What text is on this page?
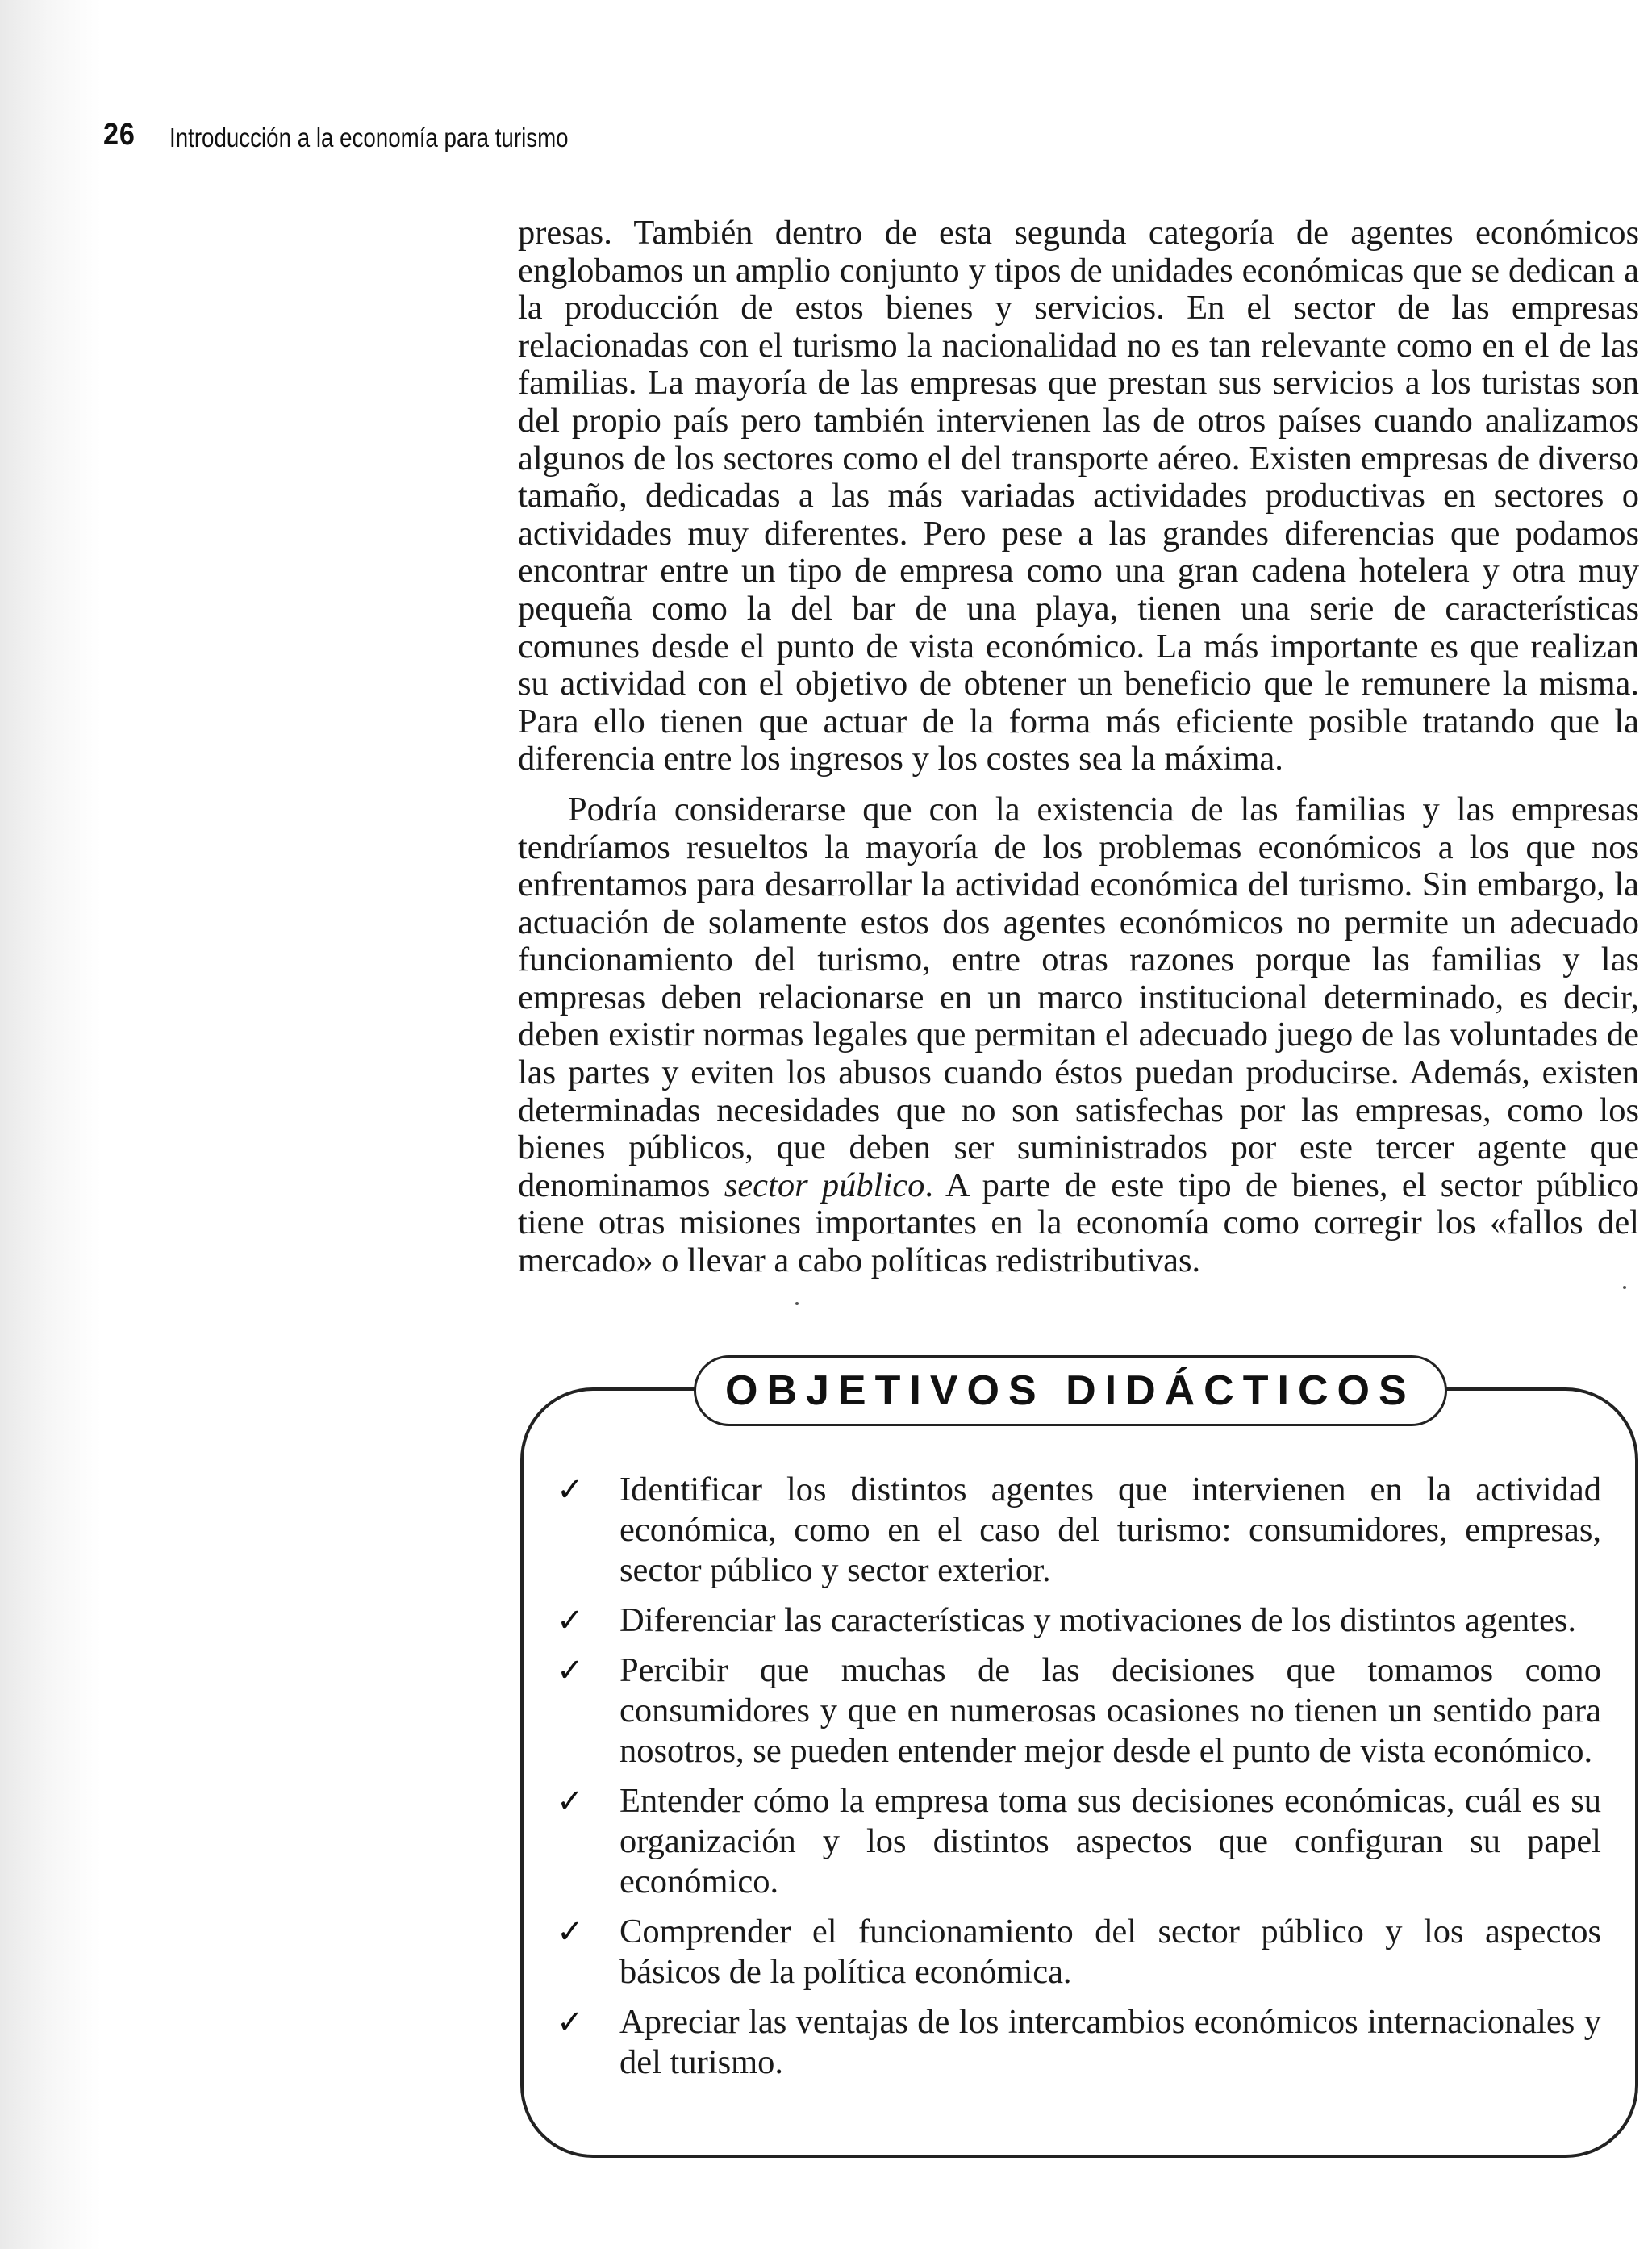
26 Introducción a la economía para turismo

presas. También dentro de esta segunda categoría de agentes económicos englobamos un amplio conjunto y tipos de unidades económicas que se dedican a la producción de estos bienes y servicios. En el sector de las empresas relacionadas con el turismo la nacionalidad no es tan relevante como en el de las familias. La mayoría de las empresas que prestan sus servicios a los turistas son del propio país pero también intervienen las de otros países cuando analizamos algunos de los sectores como el del transporte aéreo. Existen empresas de diverso tamaño, dedicadas a las más variadas actividades productivas en sectores o actividades muy diferentes. Pero pese a las grandes diferencias que podamos encontrar entre un tipo de empresa como una gran cadena hotelera y otra muy pequeña como la del bar de una playa, tienen una serie de características comunes desde el punto de vista económico. La más importante es que realizan su actividad con el objetivo de obtener un beneficio que le remunere la misma. Para ello tienen que actuar de la forma más eficiente posible tratando que la diferencia entre los ingresos y los costes sea la máxima.

Podría considerarse que con la existencia de las familias y las empresas tendríamos resueltos la mayoría de los problemas económicos a los que nos enfrentamos para desarrollar la actividad económica del turismo. Sin embargo, la actuación de solamente estos dos agentes económicos no permite un adecuado funcionamiento del turismo, entre otras razones porque las familias y las empresas deben relacionarse en un marco institucional determinado, es decir, deben existir normas legales que permitan el adecuado juego de las voluntades de las partes y eviten los abusos cuando éstos puedan producirse. Además, existen determinadas necesidades que no son satisfechas por las empresas, como los bienes públicos, que deben ser suministrados por este tercer agente que denominamos sector público. A parte de este tipo de bienes, el sector público tiene otras misiones importantes en la economía como corregir los «fallos del mercado» o llevar a cabo políticas redistributivas.

OBJETIVOS DIDÁCTICOS
✓ Identificar los distintos agentes que intervienen en la actividad económica, como en el caso del turismo: consumidores, empresas, sector público y sector exterior.
✓ Diferenciar las características y motivaciones de los distintos agentes.
✓ Percibir que muchas de las decisiones que tomamos como consumidores y que en numerosas ocasiones no tienen un sentido para nosotros, se pueden entender mejor desde el punto de vista económico.
✓ Entender cómo la empresa toma sus decisiones económicas, cuál es su organización y los distintos aspectos que configuran su papel económico.
✓ Comprender el funcionamiento del sector público y los aspectos básicos de la política económica.
✓ Apreciar las ventajas de los intercambios económicos internacionales y del turismo.
